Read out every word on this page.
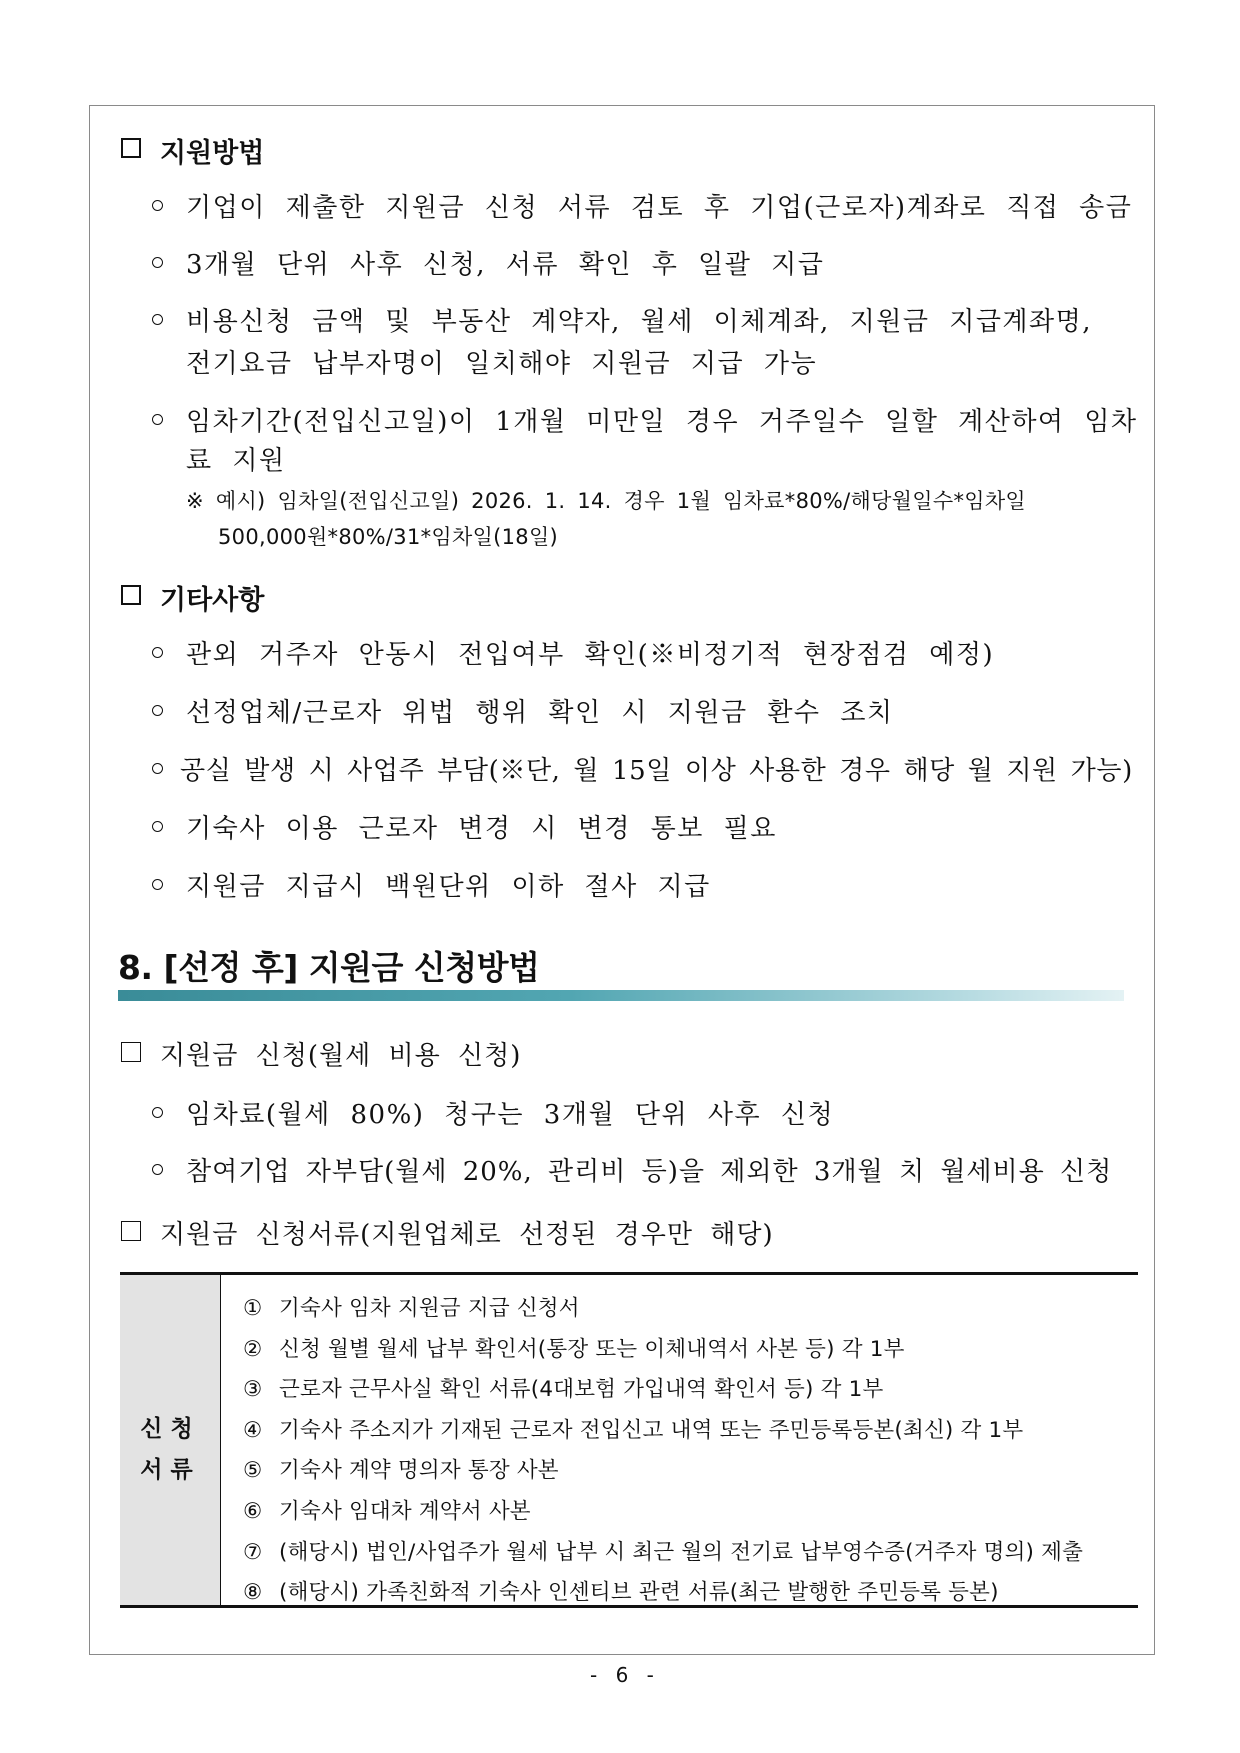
지원방법
기업이 제출한 지원금 신청 서류 검토 후 기업(근로자)계좌로 직접 송금
3개월 단위 사후 신청, 서류 확인 후 일괄 지급
비용신청 금액 및 부동산 계약자, 월세 이체계좌, 지원금 지급계좌명,
전기요금 납부자명이 일치해야 지원금 지급 가능
임차기간(전입신고일)이 1개월 미만일 경우 거주일수 일할 계산하여 임차
료 지원
※ 예시) 임차일(전입신고일) 2026. 1. 14. 경우 1월 임차료*80%/해당월일수*임차일
500,000원*80%/31*임차일(18일)
기타사항
관외 거주자 안동시 전입여부 확인(※비정기적 현장점검 예정)
선정업체/근로자 위법 행위 확인 시 지원금 환수 조치
공실 발생 시 사업주 부담(※단, 월 15일 이상 사용한 경우 해당 월 지원 가능)
기숙사 이용 근로자 변경 시 변경 통보 필요
지원금 지급시 백원단위 이하 절사 지급
8. [선정 후] 지원금 신청방법
지원금 신청(월세 비용 신청)
임차료(월세 80%) 청구는 3개월 단위 사후 신청
참여기업 자부담(월세 20%, 관리비 등)을 제외한 3개월 치 월세비용 신청
지원금 신청서류(지원업체로 선정된 경우만 해당)
신청
서류
① 기숙사 임차 지원금 지급 신청서
② 신청 월별 월세 납부 확인서(통장 또는 이체내역서 사본 등) 각 1부
③ 근로자 근무사실 확인 서류(4대보험 가입내역 확인서 등) 각 1부
④ 기숙사 주소지가 기재된 근로자 전입신고 내역 또는 주민등록등본(최신) 각 1부
⑤ 기숙사 계약 명의자 통장 사본
⑥ 기숙사 임대차 계약서 사본
⑦ (해당시) 법인/사업주가 월세 납부 시 최근 월의 전기료 납부영수증(거주자 명의) 제출
⑧ (해당시) 가족친화적 기숙사 인센티브 관련 서류(최근 발행한 주민등록 등본)
- 6 -
